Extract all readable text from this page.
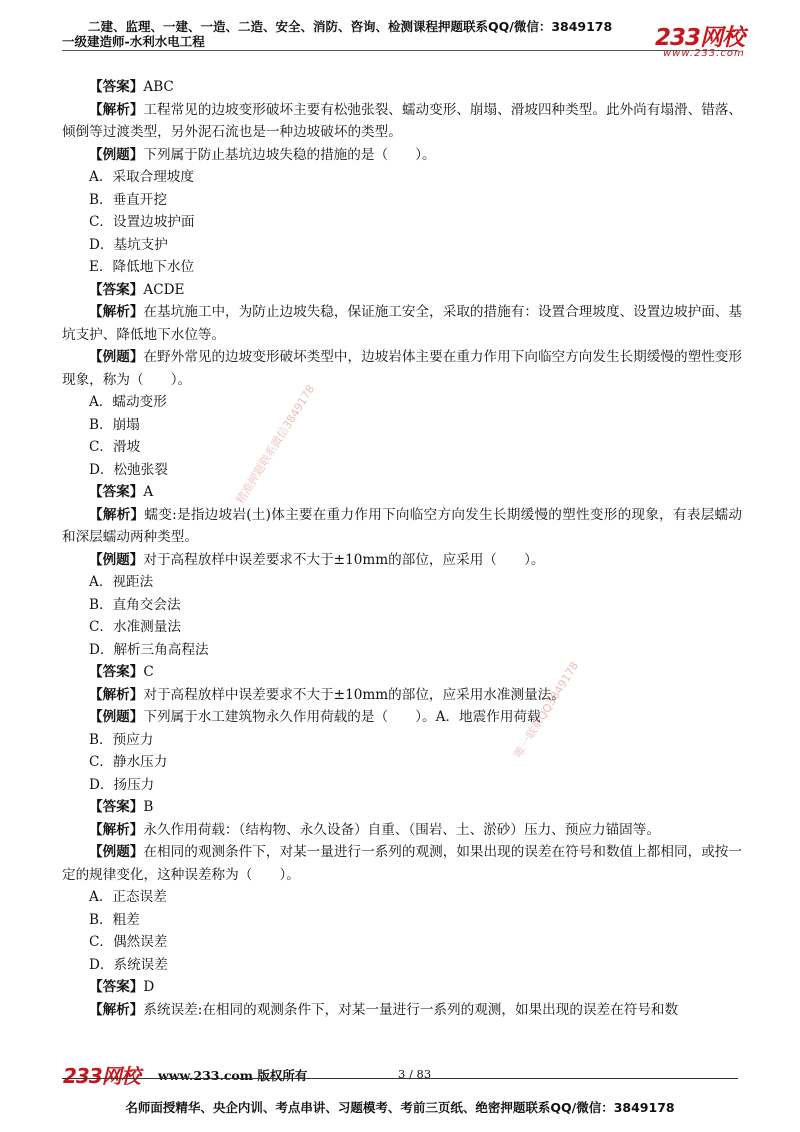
二建、监理、一建、一造、二造、安全、消防、咨询、检测课程押题联系QQ/微信：3849178
一级建造师-水利水电工程	233网校
www.233.com
【答案】ABC
【解析】工程常见的边坡变形破坏主要有松弛张裂、蠕动变形、崩塌、滑坡四种类型。此外尚有塌滑、错落、倾倒等过渡类型，另外泥石流也是一种边坡破坏的类型。
【例题】下列属于防止基坑边坡失稳的措施的是（　　）。
A．采取合理坡度
B．垂直开挖
C．设置边坡护面
D．基坑支护
E．降低地下水位
【答案】ACDE
【解析】在基坑施工中，为防止边坡失稳，保证施工安全，采取的措施有：设置合理坡度、设置边坡护面、基坑支护、降低地下水位等。
【例题】在野外常见的边坡变形破坏类型中，边坡岩体主要在重力作用下向临空方向发生长期缓慢的塑性变形现象，称为（　　）。
A．蠕动变形
B．崩塌
C．滑坡
D．松弛张裂
【答案】A
【解析】蠕变:是指边坡岩(土)体主要在重力作用下向临空方向发生长期缓慢的塑性变形的现象，有表层蠕动和深层蠕动两种类型。
【例题】对于高程放样中误差要求不大于±10mm的部位，应采用（　　）。
A．视距法
B．直角交会法
C．水准测量法
D．解析三角高程法
【答案】C
【解析】对于高程放样中误差要求不大于±10mm的部位，应采用水准测量法。
【例题】下列属于水工建筑物永久作用荷载的是（　　）。A．地震作用荷载
B．预应力
C．静水压力
D．扬压力
【答案】B
【解析】永久作用荷载：（结构物、永久设备）自重、（围岩、土、淤砂）压力、预应力锚固等。
【例题】在相同的观测条件下，对某一量进行一系列的观测，如果出现的误差在符号和数值上都相同，或按一定的规律变化，这种误差称为（　　）。
A．正态误差
B．粗差
C．偶然误差
D．系统误差
【答案】D
【解析】系统误差:在相同的观测条件下，对某一量进行一系列的观测，如果出现的误差在符号和数
精准押题联系微信3849178
唯一联系QQ3849178
233网校 www.233.com 版权所有	3 / 83
名师面授精华、央企内训、考点串讲、习题模考、考前三页纸、绝密押题联系QQ/微信：3849178
